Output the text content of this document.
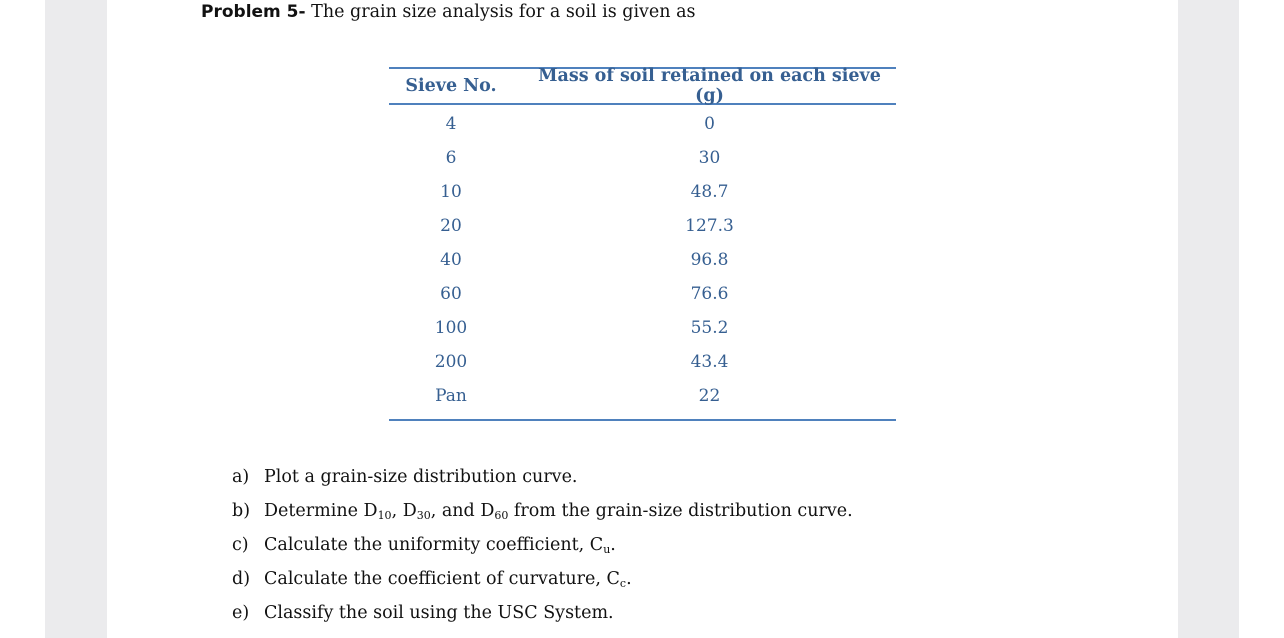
Problem 5- The grain size analysis for a soil is given as
Sieve No.	Mass of soil retained on each sieve (g)
4	0
6	30
10	48.7
20	127.3
40	96.8
60	76.6
100	55.2
200	43.4
Pan	22
a) Plot a grain-size distribution curve.
b) Determine $D_{10}$, $D_{30}$, and $D_{60}$ from the grain-size distribution curve.
c) Calculate the uniformity coefficient, $C_u$.
d) Calculate the coefficient of curvature, $C_c$.
e) Classify the soil using the USC System.
